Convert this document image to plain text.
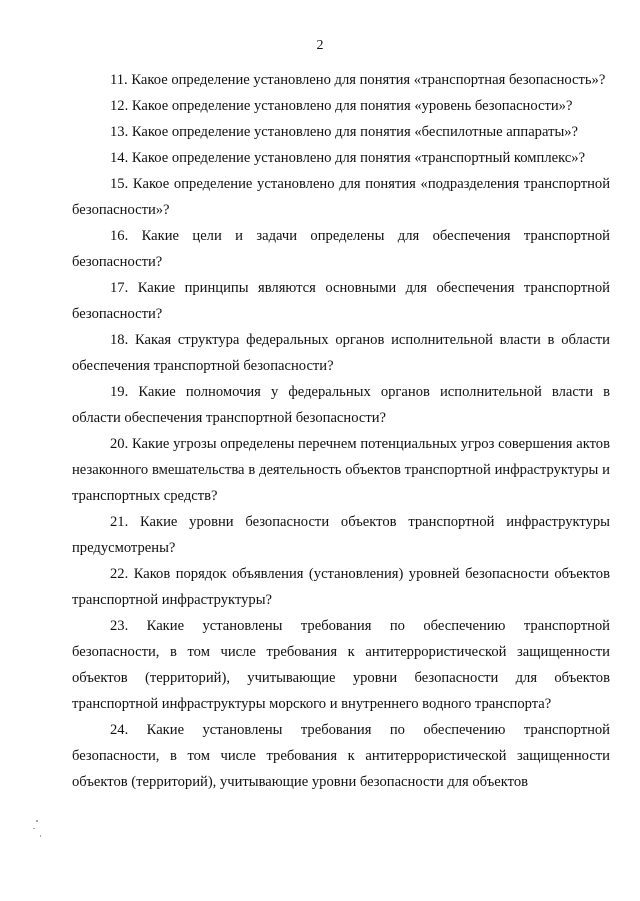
2

11. Какое определение установлено для понятия «транспортная безопасность»?

12. Какое определение установлено для понятия «уровень безопасности»?

13. Какое определение установлено для понятия «беспилотные аппараты»?

14. Какое определение установлено для понятия «транспортный комплекс»?

15. Какое определение установлено для понятия «подразделения транспортной безопасности»?

16. Какие цели и задачи определены для обеспечения транспортной безопасности?

17. Какие принципы являются основными для обеспечения транспортной безопасности?

18. Какая структура федеральных органов исполнительной власти в области обеспечения транспортной безопасности?

19. Какие полномочия у федеральных органов исполнительной власти в области обеспечения транспортной безопасности?

20. Какие угрозы определены перечнем потенциальных угроз совершения актов незаконного вмешательства в деятельность объектов транспортной инфраструктуры и транспортных средств?

21. Какие уровни безопасности объектов транспортной инфраструктуры предусмотрены?

22. Каков порядок объявления (установления) уровней безопасности объектов транспортной инфраструктуры?

23. Какие установлены требования по обеспечению транспортной безопасности, в том числе требования к антитеррористической защищенности объектов (территорий), учитывающие уровни безопасности для объектов транспортной инфраструктуры морского и внутреннего водного транспорта?

24. Какие установлены требования по обеспечению транспортной безопасности, в том числе требования к антитеррористической защищенности объектов (территорий), учитывающие уровни безопасности для объектов
